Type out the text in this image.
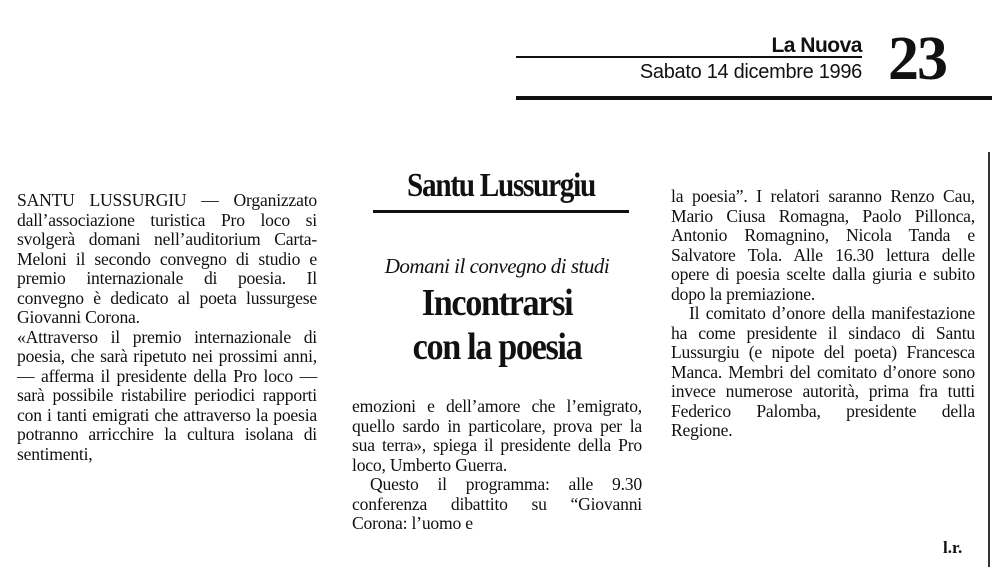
La Nuova
Sabato 14 dicembre 1996 23

SANTU LUSSURGIU — Organizzato dall’associazione turistica Pro loco si svolgerà domani nell’auditorium Carta-Meloni il secondo convegno di studio e premio internazionale di poesia. Il convegno è dedicato al poeta lussurgese Giovanni Corona.

«Attraverso il premio internazionale di poesia, che sarà ripetuto nei prossimi anni, — afferma il presidente della Pro loco — sarà possibile ristabilire periodici rapporti con i tanti emigrati che attraverso la poesia potranno arricchire la cultura isolana di sentimenti,

Santu Lussurgiu
Domani il convegno di studi
Incontrarsi
con la poesia

emozioni e dell’amore che l’emigrato, quello sardo in particolare, prova per la sua terra», spiega il presidente della Pro loco, Umberto Guerra.

Questo il programma: alle 9.30 conferenza dibattito su “Giovanni Corona: l’uomo e

la poesia”. I relatori saranno Renzo Cau, Mario Ciusa Romagna, Paolo Pillonca, Antonio Romagnino, Nicola Tanda e Salvatore Tola. Alle 16.30 lettura delle opere di poesia scelte dalla giuria e subito dopo la premiazione.

Il comitato d’onore della manifestazione ha come presidente il sindaco di Santu Lussurgiu (e nipote del poeta) Francesca Manca. Membri del comitato d’onore sono invece numerose autorità, prima fra tutti Federico Palomba, presidente della Regione.

l.r.
